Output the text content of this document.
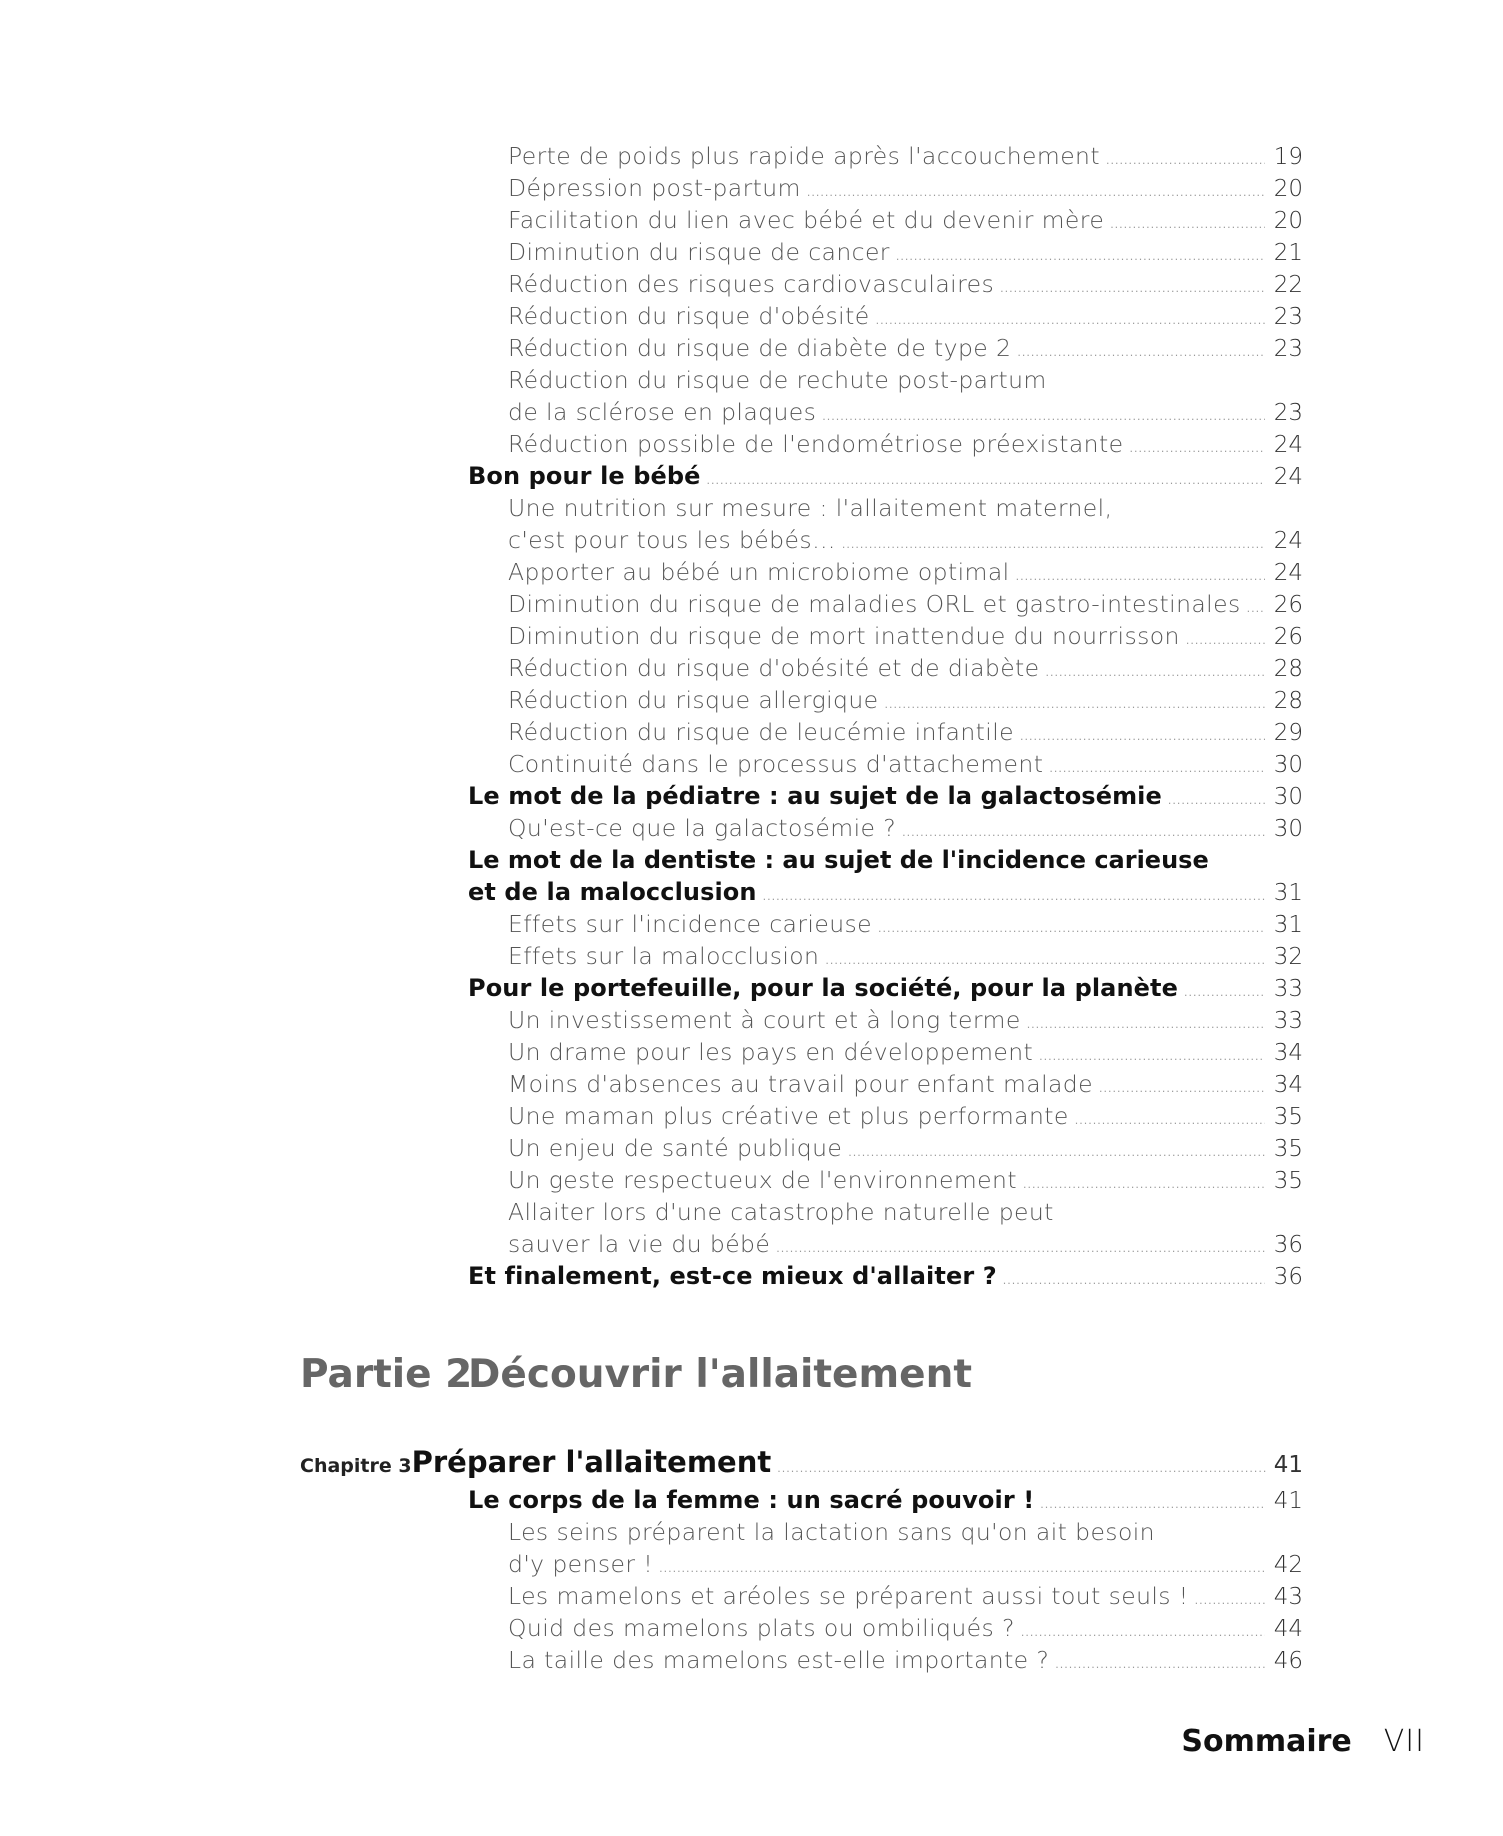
Perte de poids plus rapide après l'accouchement .....	19
Dépression post-partum .....	20
Facilitation du lien avec bébé et du devenir mère .....	20
Diminution du risque de cancer .....	21
Réduction des risques cardiovasculaires .....	22
Réduction du risque d'obésité .....	23
Réduction du risque de diabète de type 2 .....	23
Réduction du risque de rechute post-partum
de la sclérose en plaques .....	23
Réduction possible de l'endométriose préexistante .....	24
Bon pour le bébé .....	24
Une nutrition sur mesure : l'allaitement maternel,
c'est pour tous les bébés… .....	24
Apporter au bébé un microbiome optimal .....	24
Diminution du risque de maladies ORL et gastro-intestinales ..... 26
Diminution du risque de mort inattendue du nourrisson .....	26
Réduction du risque d'obésité et de diabète .....	28
Réduction du risque allergique .....	28
Réduction du risque de leucémie infantile .....	29
Continuité dans le processus d'attachement .....	30
Le mot de la pédiatre : au sujet de la galactosémie .....	30
Qu'est-ce que la galactosémie ? .....	30
Le mot de la dentiste : au sujet de l'incidence carieuse
et de la malocclusion .....	31
Effets sur l'incidence carieuse .....	31
Effets sur la malocclusion .....	32
Pour le portefeuille, pour la société, pour la planète .....	33
Un investissement à court et à long terme .....	33
Un drame pour les pays en développement .....	34
Moins d'absences au travail pour enfant malade .....	34
Une maman plus créative et plus performante .....	35
Un enjeu de santé publique .....	35
Un geste respectueux de l'environnement .....	35
Allaiter lors d'une catastrophe naturelle peut
sauver la vie du bébé .....	36
Et finalement, est-ce mieux d'allaiter ? .....	36
Partie 2Découvrir l'allaitement
Chapitre 3 Préparer l'allaitement .....	41
Le corps de la femme : un sacré pouvoir ! .....	41
Les seins préparent la lactation sans qu'on ait besoin
d'y penser ! .....	42
Les mamelons et aréoles se préparent aussi tout seuls ! .....	43
Quid des mamelons plats ou ombiliqués ? .....	44
La taille des mamelons est-elle importante ? .....	46
Sommaire VII
